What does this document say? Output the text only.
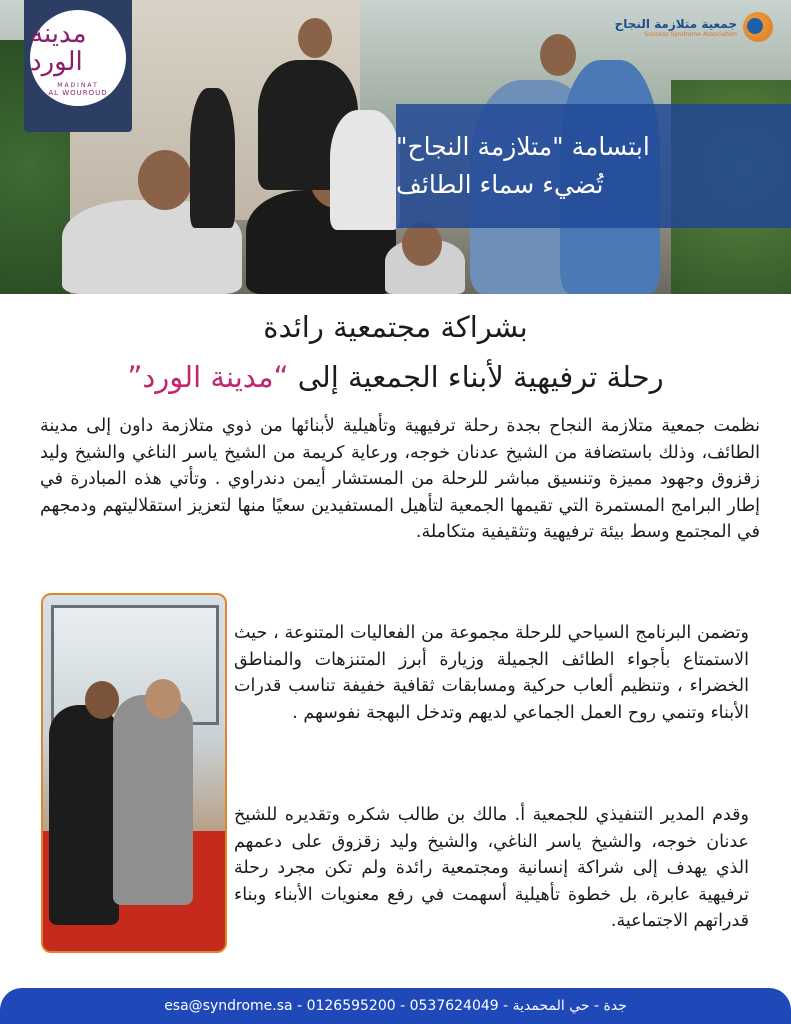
مدينة الورد
MADINAT
AL WOUROUD
جمعية متلازمة النجاح
Success Syndrome Association
ابتسامة "متلازمة النجاح"
تُضيء سماء الطائف
بشراكة مجتمعية رائدة
رحلة ترفيهية لأبناء الجمعية إلى “مدينة الورد”
نظمت جمعية متلازمة النجاح بجدة رحلة ترفيهية وتأهيلية لأبنائها من ذوي متلازمة داون إلى مدينة الطائف، وذلك باستضافة من الشيخ عدنان خوجه، ورعاية كريمة من الشيخ ياسر الناغي والشيخ وليد زقزوق وجهود مميزة وتنسيق مباشر للرحلة من المستشار أيمن دندراوي . وتأتي هذه المبادرة في إطار البرامج المستمرة التي تقيمها الجمعية لتأهيل المستفيدين سعيًا منها لتعزيز استقلاليتهم ودمجهم في المجتمع وسط بيئة ترفيهية وتثقيفية متكاملة.
وتضمن البرنامج السياحي للرحلة مجموعة من الفعاليات المتنوعة ، حيث الاستمتاع بأجواء الطائف الجميلة وزيارة أبرز المتنزهات والمناطق الخضراء ، وتنظيم ألعاب حركية ومسابقات ثقافية خفيفة تناسب قدرات الأبناء وتنمي روح العمل الجماعي لديهم وتدخل البهجة نفوسهم .
وقدم المدير التنفيذي للجمعية أ. مالك بن طالب شكره وتقديره للشيخ عدنان خوجه، والشيخ ياسر الناغي، والشيخ وليد زقزوق على دعمهم الذي يهدف إلى شراكة إنسانية ومجتمعية رائدة ولم تكن مجرد رحلة ترفيهية عابرة، بل خطوة تأهيلية أسهمت في رفع معنويات الأبناء وبناء قدراتهم الاجتماعية.
جدة - حي المحمدية - 0537624049 - 0126595200 - esa@syndrome.sa
